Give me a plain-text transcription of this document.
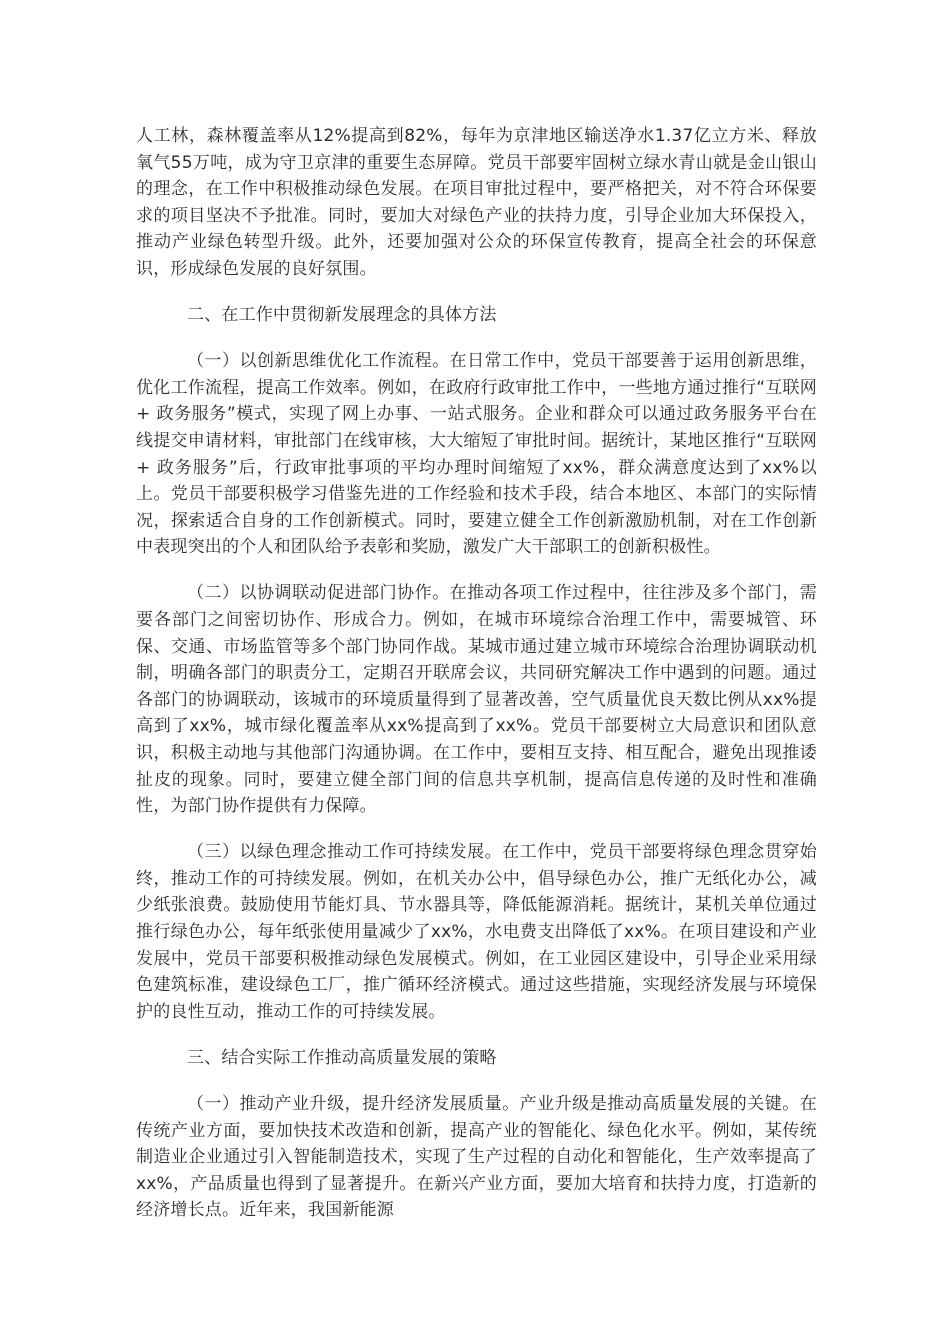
人工林，森林覆盖率从12%提高到82%，每年为京津地区输送净水1.37亿立方米、释放氧气55万吨，成为守卫京津的重要生态屏障。党员干部要牢固树立绿水青山就是金山银山的理念，在工作中积极推动绿色发展。在项目审批过程中，要严格把关，对不符合环保要求的项目坚决不予批准。同时，要加大对绿色产业的扶持力度，引导企业加大环保投入，推动产业绿色转型升级。此外，还要加强对公众的环保宣传教育，提高全社会的环保意识，形成绿色发展的良好氛围。

二、在工作中贯彻新发展理念的具体方法

（一）以创新思维优化工作流程。在日常工作中，党员干部要善于运用创新思维，优化工作流程，提高工作效率。例如，在政府行政审批工作中，一些地方通过推行“互联网 + 政务服务”模式，实现了网上办事、一站式服务。企业和群众可以通过政务服务平台在线提交申请材料，审批部门在线审核，大大缩短了审批时间。据统计，某地区推行“互联网 + 政务服务”后，行政审批事项的平均办理时间缩短了xx%，群众满意度达到了xx%以上。党员干部要积极学习借鉴先进的工作经验和技术手段，结合本地区、本部门的实际情况，探索适合自身的工作创新模式。同时，要建立健全工作创新激励机制，对在工作创新中表现突出的个人和团队给予表彰和奖励，激发广大干部职工的创新积极性。

（二）以协调联动促进部门协作。在推动各项工作过程中，往往涉及多个部门，需要各部门之间密切协作、形成合力。例如，在城市环境综合治理工作中，需要城管、环保、交通、市场监管等多个部门协同作战。某城市通过建立城市环境综合治理协调联动机制，明确各部门的职责分工，定期召开联席会议，共同研究解决工作中遇到的问题。通过各部门的协调联动，该城市的环境质量得到了显著改善，空气质量优良天数比例从xx%提高到了xx%，城市绿化覆盖率从xx%提高到了xx%。党员干部要树立大局意识和团队意识，积极主动地与其他部门沟通协调。在工作中，要相互支持、相互配合，避免出现推诿扯皮的现象。同时，要建立健全部门间的信息共享机制，提高信息传递的及时性和准确性，为部门协作提供有力保障。

（三）以绿色理念推动工作可持续发展。在工作中，党员干部要将绿色理念贯穿始终，推动工作的可持续发展。例如，在机关办公中，倡导绿色办公，推广无纸化办公，减少纸张浪费。鼓励使用节能灯具、节水器具等，降低能源消耗。据统计，某机关单位通过推行绿色办公，每年纸张使用量减少了xx%，水电费支出降低了xx%。在项目建设和产业发展中，党员干部要积极推动绿色发展模式。例如，在工业园区建设中，引导企业采用绿色建筑标准，建设绿色工厂，推广循环经济模式。通过这些措施，实现经济发展与环境保护的良性互动，推动工作的可持续发展。

三、结合实际工作推动高质量发展的策略

（一）推动产业升级，提升经济发展质量。产业升级是推动高质量发展的关键。在传统产业方面，要加快技术改造和创新，提高产业的智能化、绿色化水平。例如，某传统制造业企业通过引入智能制造技术，实现了生产过程的自动化和智能化，生产效率提高了xx%，产品质量也得到了显著提升。在新兴产业方面，要加大培育和扶持力度，打造新的经济增长点。近年来，我国新能源
